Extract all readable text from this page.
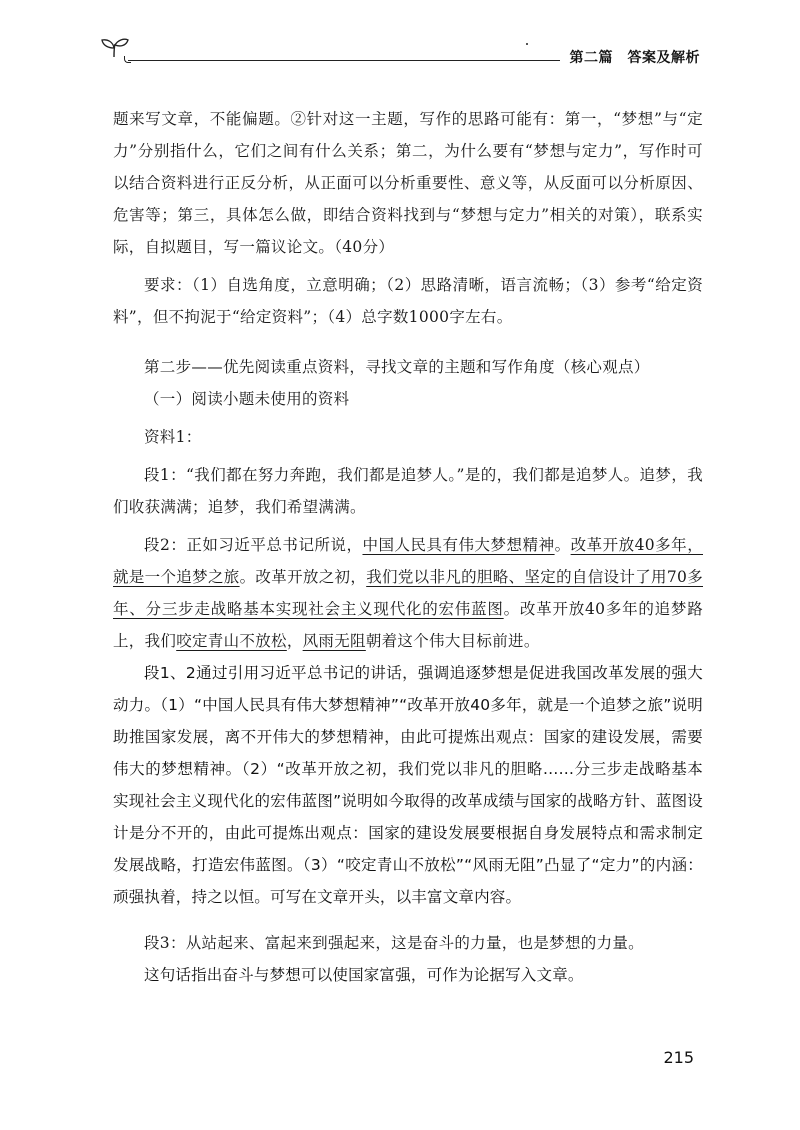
第二篇　答案及解析

题来写文章，不能偏题。②针对这一主题，写作的思路可能有：第一，“梦想”与“定力”分别指什么，它们之间有什么关系；第二，为什么要有“梦想与定力”，写作时可以结合资料进行正反分析，从正面可以分析重要性、意义等，从反面可以分析原因、危害等；第三，具体怎么做，即结合资料找到与“梦想与定力”相关的对策），联系实际，自拟题目，写一篇议论文。（40分）

要求：（1）自选角度，立意明确；（2）思路清晰，语言流畅；（3）参考“给定资料”，但不拘泥于“给定资料”；（4）总字数1000字左右。

第二步——优先阅读重点资料，寻找文章的主题和写作角度（核心观点）

（一）阅读小题未使用的资料

资料1：

段1：“我们都在努力奔跑，我们都是追梦人。”是的，我们都是追梦人。追梦，我们收获满满；追梦，我们希望满满。

段2：正如习近平总书记所说，中国人民具有伟大梦想精神。改革开放40多年，就是一个追梦之旅。改革开放之初，我们党以非凡的胆略、坚定的自信设计了用70多年、分三步走战略基本实现社会主义现代化的宏伟蓝图。改革开放40多年的追梦路上，我们咬定青山不放松，风雨无阻朝着这个伟大目标前进。

段1、2通过引用习近平总书记的讲话，强调追逐梦想是促进我国改革发展的强大动力。（1）“中国人民具有伟大梦想精神”“改革开放40多年，就是一个追梦之旅”说明助推国家发展，离不开伟大的梦想精神，由此可提炼出观点：国家的建设发展，需要伟大的梦想精神。（2）“改革开放之初，我们党以非凡的胆略……分三步走战略基本实现社会主义现代化的宏伟蓝图”说明如今取得的改革成绩与国家的战略方针、蓝图设计是分不开的，由此可提炼出观点：国家的建设发展要根据自身发展特点和需求制定发展战略，打造宏伟蓝图。（3）“咬定青山不放松”“风雨无阻”凸显了“定力”的内涵：顽强执着，持之以恒。可写在文章开头，以丰富文章内容。

段3：从站起来、富起来到强起来，这是奋斗的力量，也是梦想的力量。

这句话指出奋斗与梦想可以使国家富强，可作为论据写入文章。

215
